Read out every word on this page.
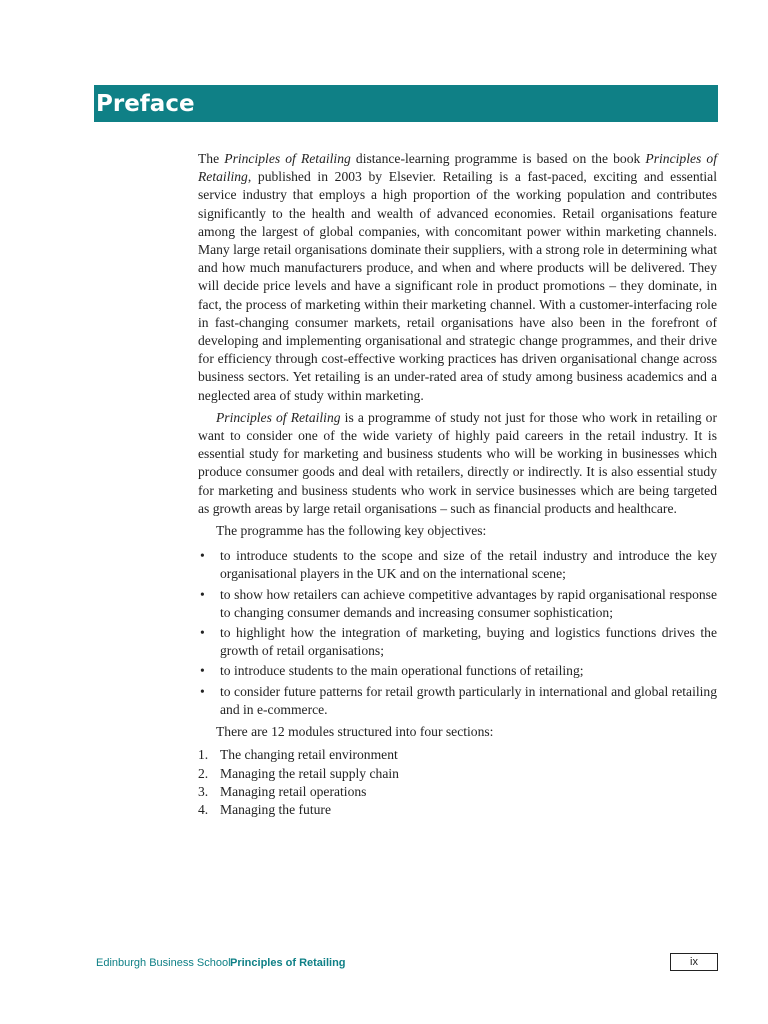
Preface

The Principles of Retailing distance-learning programme is based on the book Principles of Retailing, published in 2003 by Elsevier. Retailing is a fast-paced, exciting and essential service industry that employs a high proportion of the working population and contributes significantly to the health and wealth of advanced economies. Retail organisations feature among the largest of global companies, with concomitant power within marketing channels. Many large retail organisations dominate their suppliers, with a strong role in determining what and how much manufacturers produce, and when and where products will be delivered. They will decide price levels and have a significant role in product promotions – they dominate, in fact, the process of marketing within their marketing channel. With a customer-interfacing role in fast-changing consumer markets, retail organisations have also been in the forefront of developing and implementing organisational and strategic change programmes, and their drive for efficiency through cost-effective working practices has driven organisational change across business sectors. Yet retailing is an under-rated area of study among business academics and a neglected area of study within marketing.

Principles of Retailing is a programme of study not just for those who work in retailing or want to consider one of the wide variety of highly paid careers in the retail industry. It is essential study for marketing and business students who will be working in businesses which produce consumer goods and deal with retailers, directly or indirectly. It is also essential study for marketing and business students who work in service businesses which are being targeted as growth areas by large retail organisations – such as financial products and healthcare.

The programme has the following key objectives:

• to introduce students to the scope and size of the retail industry and introduce the key organisational players in the UK and on the international scene;
• to show how retailers can achieve competitive advantages by rapid organisational response to changing consumer demands and increasing consumer sophistication;
• to highlight how the integration of marketing, buying and logistics functions drives the growth of retail organisations;
• to introduce students to the main operational functions of retailing;
• to consider future patterns for retail growth particularly in international and global retailing and in e-commerce.

There are 12 modules structured into four sections:

1. The changing retail environment
2. Managing the retail supply chain
3. Managing retail operations
4. Managing the future
Edinburgh Business School Principles of Retailing	ix
